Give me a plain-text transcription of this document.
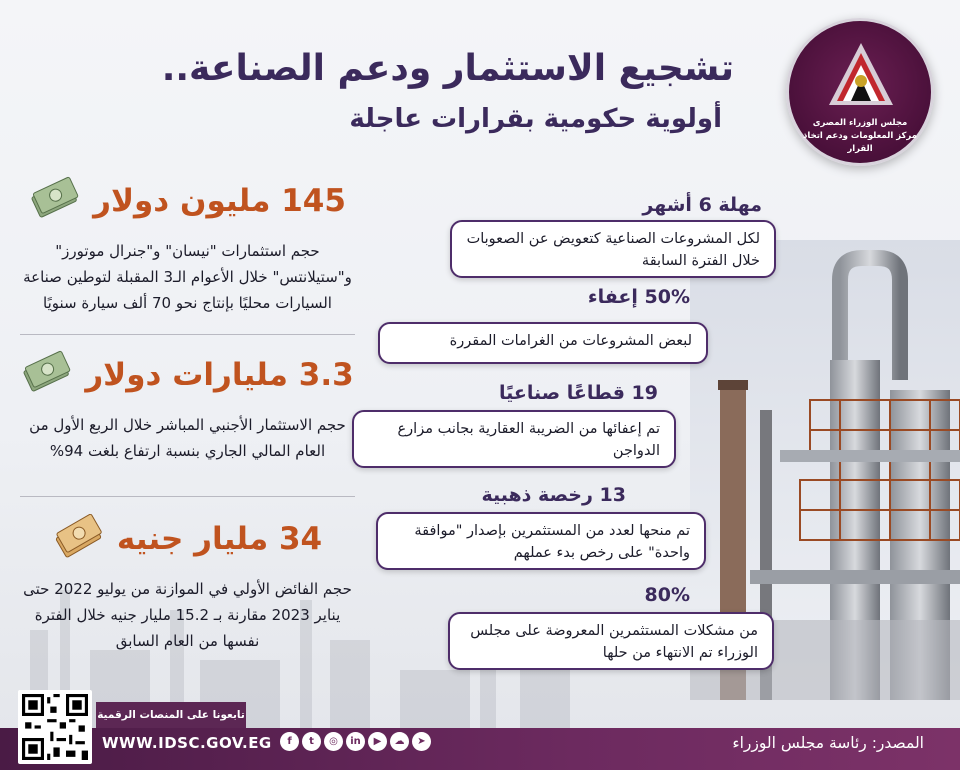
مجلس الوزراء المصرى
مركز المعلومات ودعم اتخاذ القرار
تشجيع الاستثمار ودعم الصناعة..
أولوية حكومية بقرارات عاجلة
145 مليون دولار
حجم استثمارات "نيسان" و"جنرال موتورز" و"ستيلانتس" خلال الأعوام الـ3 المقبلة لتوطين صناعة السيارات محليًا بإنتاج نحو 70 ألف سيارة سنويًا
3.3 مليارات دولار
حجم الاستثمار الأجنبي المباشر خلال الربع الأول من العام المالي الجاري بنسبة ارتفاع بلغت 94%
34 مليار جنيه
حجم الفائض الأولي في الموازنة من يوليو 2022 حتى يناير 2023 مقارنة بـ 15.2 مليار جنيه خلال الفترة نفسها من العام السابق
مهلة 6 أشهر
لكل المشروعات الصناعية كتعويض عن الصعوبات خلال الفترة السابقة
50% إعفاء
لبعض المشروعات من الغرامات المقررة
19 قطاعًا صناعيًا
تم إعفائها من الضريبة العقارية بجانب مزارع الدواجن
13 رخصة ذهبية
تم منحها لعدد من المستثمرين بإصدار "موافقة واحدة" على رخص بدء عملهم
80%
من مشكلات المستثمرين المعروضة على مجلس الوزراء تم الانتهاء من حلها
تابعونا على المنصات الرقمية
WWW.IDSC.GOV.EG	f	t	◎	in	▶	☁	➤	المصدر: رئاسة مجلس الوزراء
